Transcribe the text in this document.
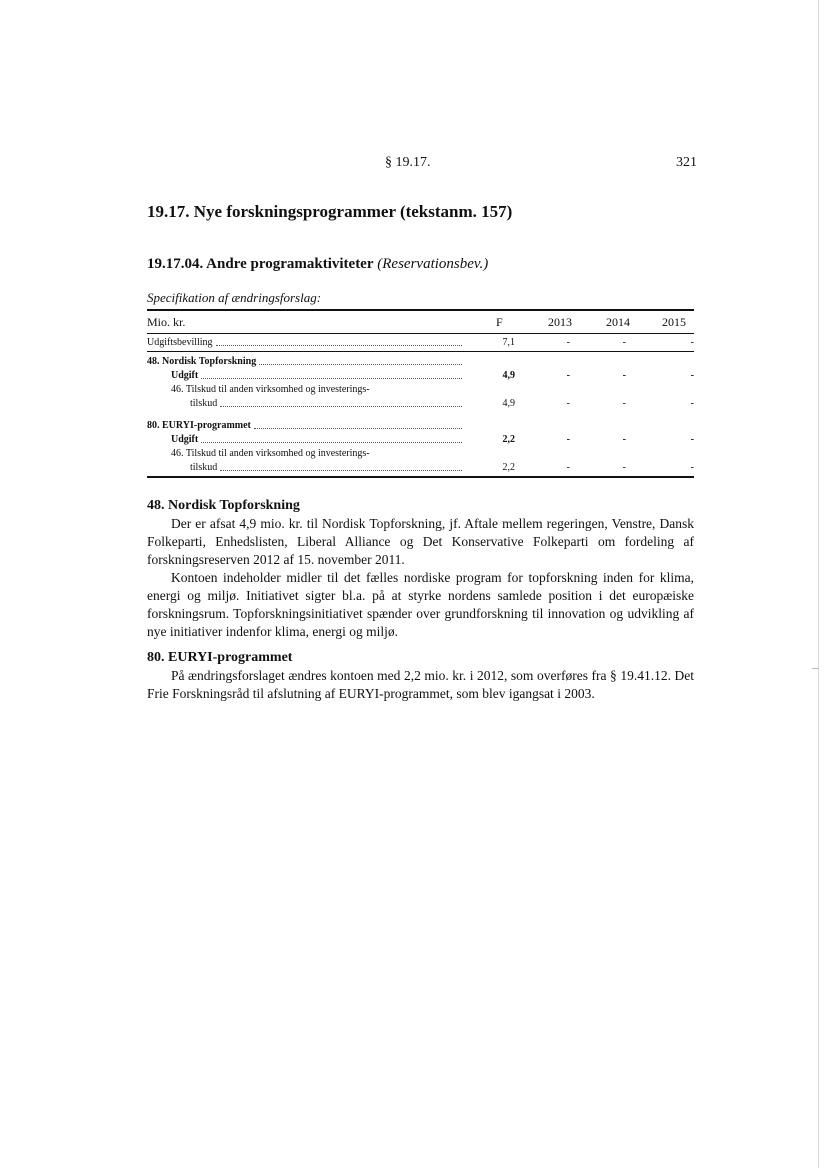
§ 19.17.	321
19.17. Nye forskningsprogrammer (tekstanm. 157)
19.17.04. Andre programaktiviteter (Reservationsbev.)
Specifikation af ændringsforslag:
Mio. kr.	F	2013	2014	2015
Udgiftsbevilling	7,1	-	-	-
48. Nordisk Topforskning
Udgift	4,9	-	-	-
46. Tilskud til anden virksomhed og investerings-
tilskud	4,9	-	-	-
80. EURYI-programmet
Udgift	2,2	-	-	-
46. Tilskud til anden virksomhed og investerings-
tilskud	2,2	-	-	-
48. Nordisk Topforskning
Der er afsat 4,9 mio. kr. til Nordisk Topforskning, jf. Aftale mellem regeringen, Venstre, Dansk Folkeparti, Enhedslisten, Liberal Alliance og Det Konservative Folkeparti om fordeling af forskningsreserven 2012 af 15. november 2011.
Kontoen indeholder midler til det fælles nordiske program for topforskning inden for klima, energi og miljø. Initiativet sigter bl.a. på at styrke nordens samlede position i det europæiske forskningsrum. Topforskningsinitiativet spænder over grundforskning til innovation og udvikling af nye initiativer indenfor klima, energi og miljø.
80. EURYI-programmet
På ændringsforslaget ændres kontoen med 2,2 mio. kr. i 2012, som overføres fra § 19.41.12. Det Frie Forskningsråd til afslutning af EURYI-programmet, som blev igangsat i 2003.
